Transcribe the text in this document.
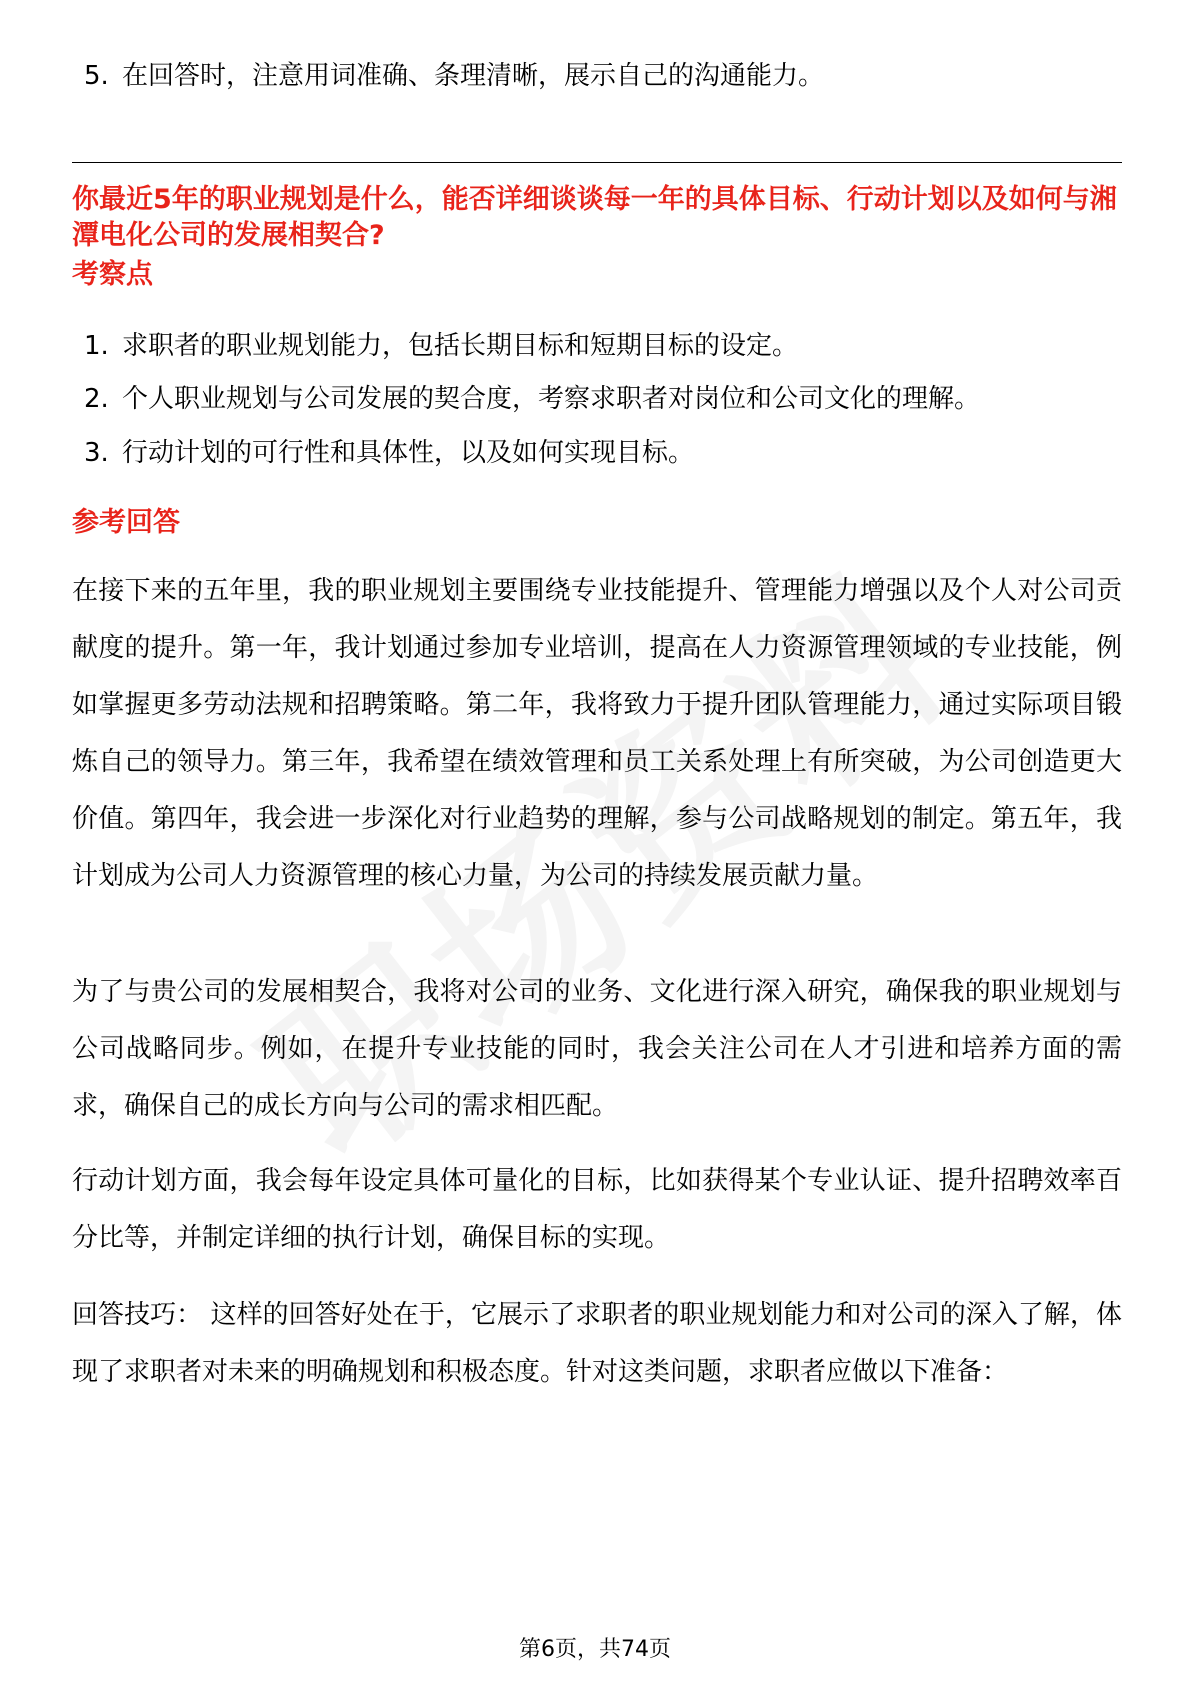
5. 在回答时，注意用词准确、条理清晰，展示自己的沟通能力。
你最近5年的职业规划是什么，能否详细谈谈每一年的具体目标、行动计划以及如何与湘潭电化公司的发展相契合?
考察点
1. 求职者的职业规划能力，包括长期目标和短期目标的设定。
2. 个人职业规划与公司发展的契合度，考察求职者对岗位和公司文化的理解。
3. 行动计划的可行性和具体性，以及如何实现目标。
参考回答
在接下来的五年里，我的职业规划主要围绕专业技能提升、管理能力增强以及个人对公司贡献度的提升。第一年，我计划通过参加专业培训，提高在人力资源管理领域的专业技能，例如掌握更多劳动法规和招聘策略。第二年，我将致力于提升团队管理能力，通过实际项目锻炼自己的领导力。第三年，我希望在绩效管理和员工关系处理上有所突破，为公司创造更大价值。第四年，我会进一步深化对行业趋势的理解，参与公司战略规划的制定。第五年，我计划成为公司人力资源管理的核心力量，为公司的持续发展贡献力量。
为了与贵公司的发展相契合，我将对公司的业务、文化进行深入研究，确保我的职业规划与公司战略同步。例如，在提升专业技能的同时，我会关注公司在人才引进和培养方面的需求，确保自己的成长方向与公司的需求相匹配。
行动计划方面，我会每年设定具体可量化的目标，比如获得某个专业认证、提升招聘效率百分比等，并制定详细的执行计划，确保目标的实现。
回答技巧： 这样的回答好处在于，它展示了求职者的职业规划能力和对公司的深入了解，体现了求职者对未来的明确规划和积极态度。针对这类问题，求职者应做以下准备：
第6页，共74页
